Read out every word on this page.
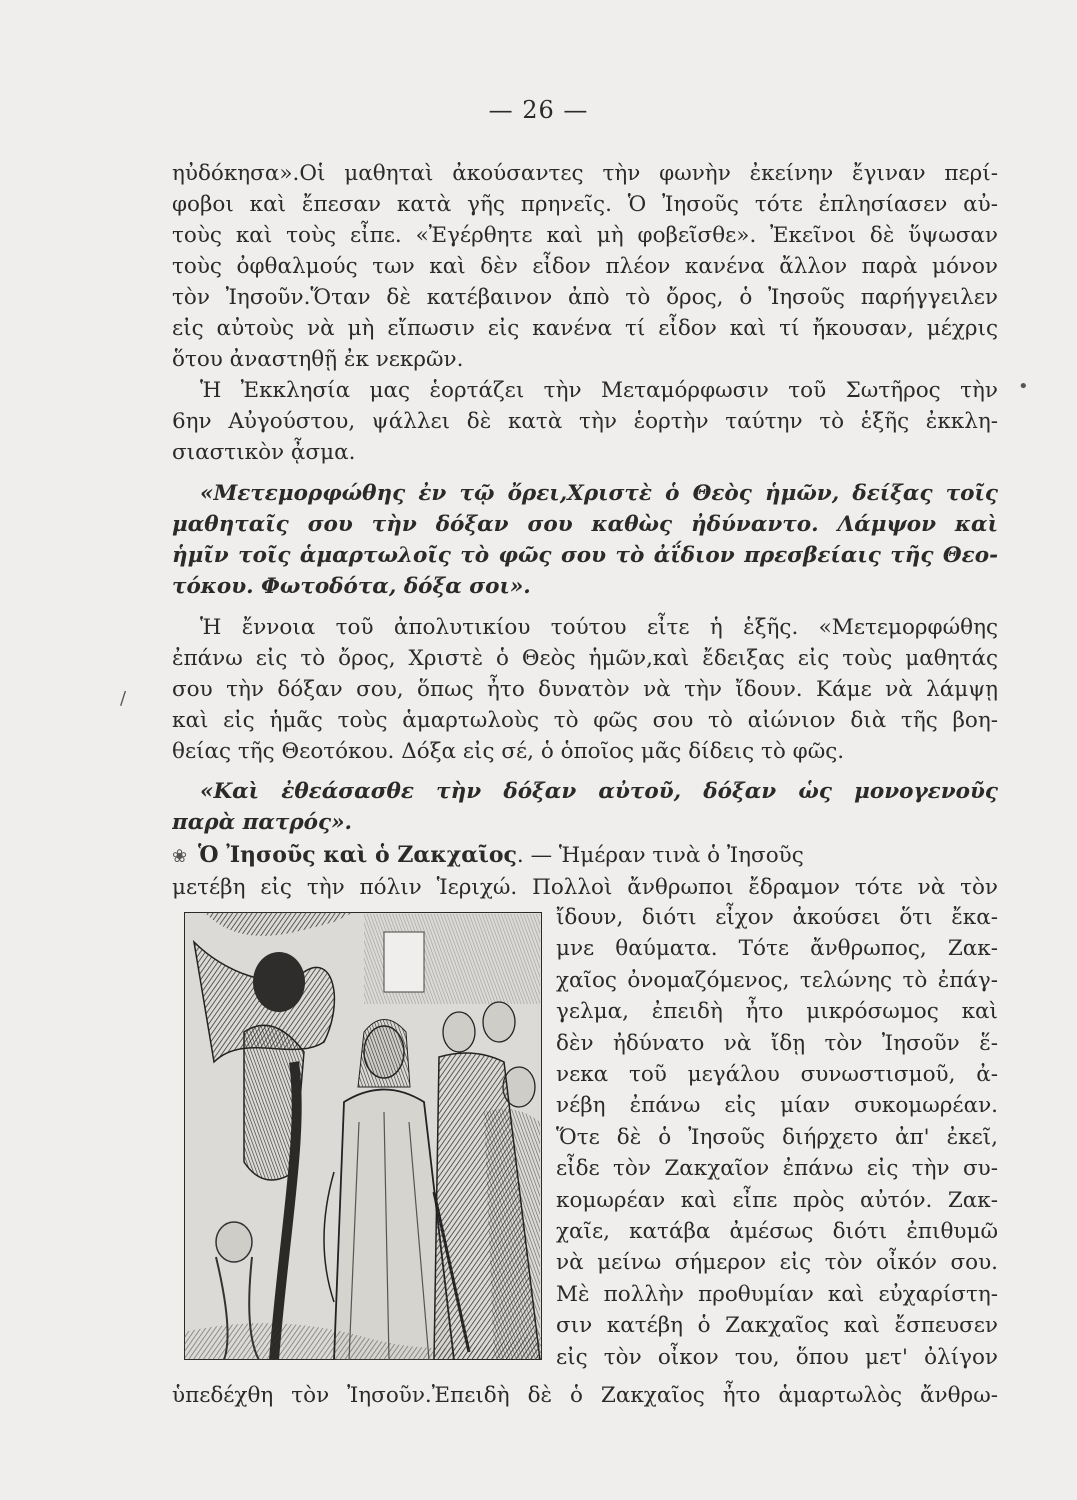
— 26 —
ηὐδόκησα».Οἱ μαθηταὶ ἀκούσαντες τὴν φωνὴν ἐκείνην ἔγιναν περί-
φοβοι καὶ ἔπεσαν κατὰ γῆς πρηνεῖς. Ὁ Ἰησοῦς τότε ἐπλησίασεν αὐ-
τοὺς καὶ τοὺς εἶπε. «Ἐγέρθητε καὶ μὴ φοβεῖσθε». Ἐκεῖνοι δὲ ὕψωσαν
τοὺς ὀφθαλμούς των καὶ δὲν εἶδον πλέον κανένα ἄλλον παρὰ μόνον
τὸν Ἰησοῦν.Ὅταν δὲ κατέβαινον ἀπὸ τὸ ὄρος, ὁ Ἰησοῦς παρήγγειλεν
εἰς αὐτοὺς νὰ μὴ εἴπωσιν εἰς κανένα τί εἶδον καὶ τί ἤκουσαν, μέχρις
ὅτου ἀναστηθῇ ἐκ νεκρῶν.
Ἡ Ἐκκλησία μας ἑορτάζει τὴν Μεταμόρφωσιν τοῦ Σωτῆρος τὴν
6ην Αὐγούστου, ψάλλει δὲ κατὰ τὴν ἑορτὴν ταύτην τὸ ἑξῆς ἐκκλη-
σιαστικὸν ᾆσμα.
«Μετεμορφώθης ἐν τῷ ὄρει,Χριστὲ ὁ Θεὸς ἡμῶν, δείξας τοῖς
μαθηταῖς σου τὴν δόξαν σου καθὼς ἠδύναντο. Λάμψον καὶ
ἡμῖν τοῖς ἁμαρτωλοῖς τὸ φῶς σου τὸ ἀΐδιον πρεσβείαις τῆς Θεο-
τόκου. Φωτοδότα, δόξα σοι».
Ἡ ἔννοια τοῦ ἀπολυτικίου τούτου εἶτε ἡ ἑξῆς. «Μετεμορφώθης
ἐπάνω εἰς τὸ ὄρος, Χριστὲ ὁ Θεὸς ἡμῶν,καὶ ἔδειξας εἰς τοὺς μαθητάς
σου τὴν δόξαν σου, ὅπως ἦτο δυνατὸν νὰ τὴν ἴδουν. Κάμε νὰ λάμψῃ
καὶ εἰς ἡμᾶς τοὺς ἁμαρτωλοὺς τὸ φῶς σου τὸ αἰώνιον διὰ τῆς βοη-
θείας τῆς Θεοτόκου. Δόξα εἰς σέ, ὁ ὁποῖος μᾶς δίδεις τὸ φῶς.
«Καὶ ἐθεάσασθε τὴν δόξαν αὐτοῦ, δόξαν ὡς μονογενοῦς
παρὰ πατρός».
❀ Ὁ Ἰησοῦς καὶ ὁ Ζακχαῖος. — Ἡμέραν τινὰ ὁ Ἰησοῦς
μετέβη εἰς τὴν πόλιν Ἱεριχώ. Πολλοὶ ἄνθρωποι ἔδραμον τότε νὰ τὸν
ἴδουν, διότι εἶχον ἀκούσει ὅτι ἔκα-
μνε θαύματα. Τότε ἄνθρωπος, Ζακ-
χαῖος ὀνομαζόμενος, τελώνης τὸ ἐπάγ-
γελμα, ἐπειδὴ ἦτο μικρόσωμος καὶ
δὲν ἠδύνατο νὰ ἴδῃ τὸν Ἰησοῦν ἕ-
νεκα τοῦ μεγάλου συνωστισμοῦ, ἀ-
νέβη ἐπάνω εἰς μίαν συκομωρέαν.
Ὅτε δὲ ὁ Ἰησοῦς διήρχετο ἀπ' ἐκεῖ,
εἶδε τὸν Ζακχαῖον ἐπάνω εἰς τὴν συ-
κομωρέαν καὶ εἶπε πρὸς αὐτόν. Ζακ-
χαῖε, κατάβα ἀμέσως διότι ἐπιθυμῶ
νὰ μείνω σήμερον εἰς τὸν οἶκόν σου.
Μὲ πολλὴν προθυμίαν καὶ εὐχαρίστη-
σιν κατέβη ὁ Ζακχαῖος καὶ ἔσπευσεν
εἰς τὸν οἶκον του, ὅπου μετ' ὀλίγον
ὑπεδέχθη τὸν Ἰησοῦν.Ἐπειδὴ δὲ ὁ Ζακχαῖος ἦτο ἁμαρτωλὸς ἄνθρω-
•
/
